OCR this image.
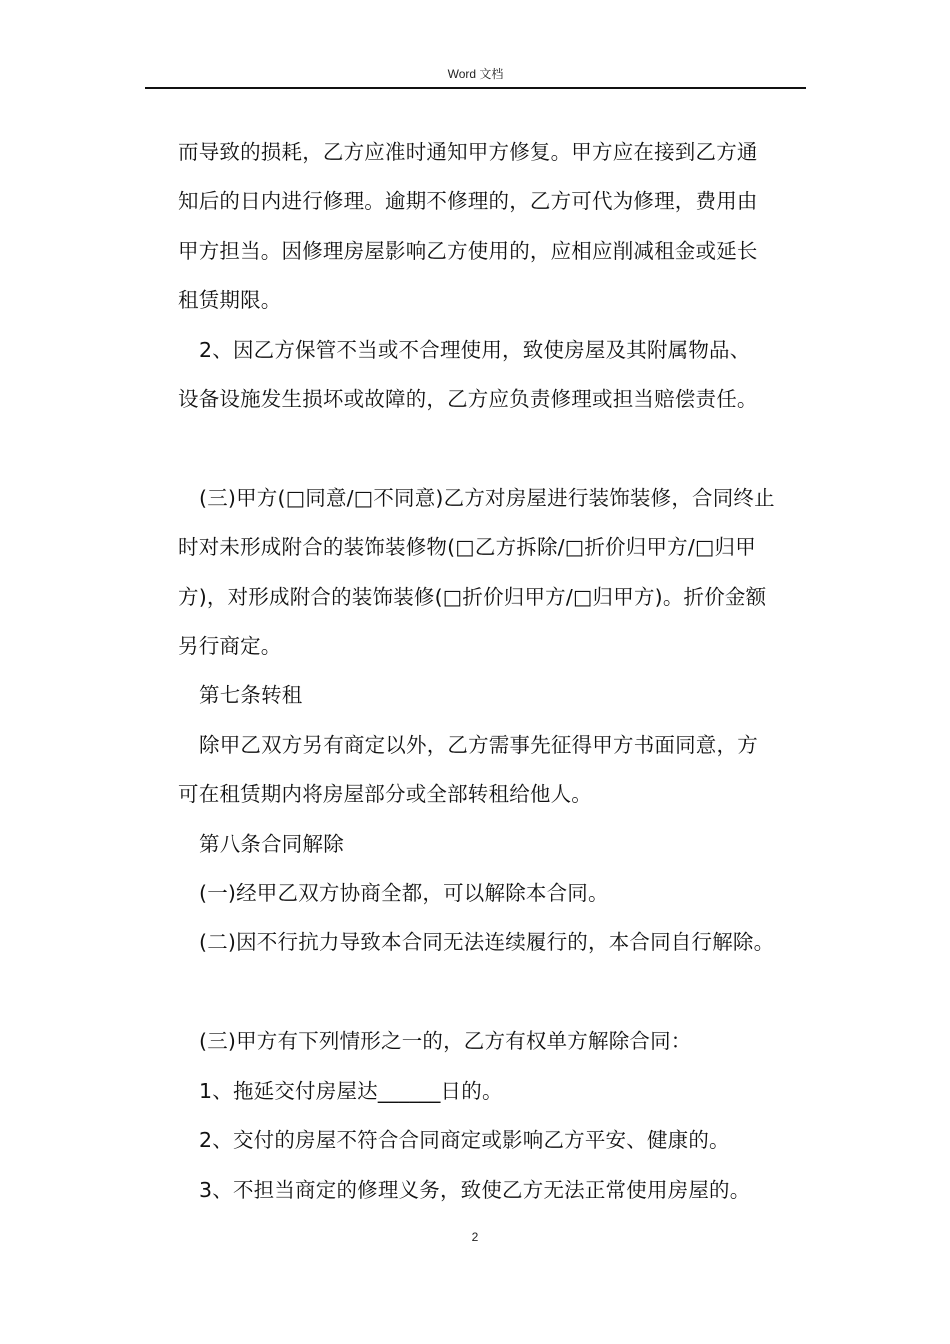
Word 文档

而导致的损耗，乙方应准时通知甲方修复。甲方应在接到乙方通

知后的日内进行修理。逾期不修理的，乙方可代为修理，费用由

甲方担当。因修理房屋影响乙方使用的，应相应削减租金或延长

租赁期限。

2、因乙方保管不当或不合理使用，致使房屋及其附属物品、

设备设施发生损坏或故障的，乙方应负责修理或担当赔偿责任。

(三)甲方(□同意/□不同意)乙方对房屋进行装饰装修，合同终止

时对未形成附合的装饰装修物(□乙方拆除/□折价归甲方/□归甲

方)，对形成附合的装饰装修(□折价归甲方/□归甲方)。折价金额

另行商定。

第七条转租

除甲乙双方另有商定以外，乙方需事先征得甲方书面同意，方

可在租赁期内将房屋部分或全部转租给他人。

第八条合同解除

(一)经甲乙双方协商全都，可以解除本合同。

(二)因不行抗力导致本合同无法连续履行的，本合同自行解除。

(三)甲方有下列情形之一的，乙方有权单方解除合同：

1、拖延交付房屋达______日的。

2、交付的房屋不符合合同商定或影响乙方平安、健康的。

3、不担当商定的修理义务，致使乙方无法正常使用房屋的。

2
